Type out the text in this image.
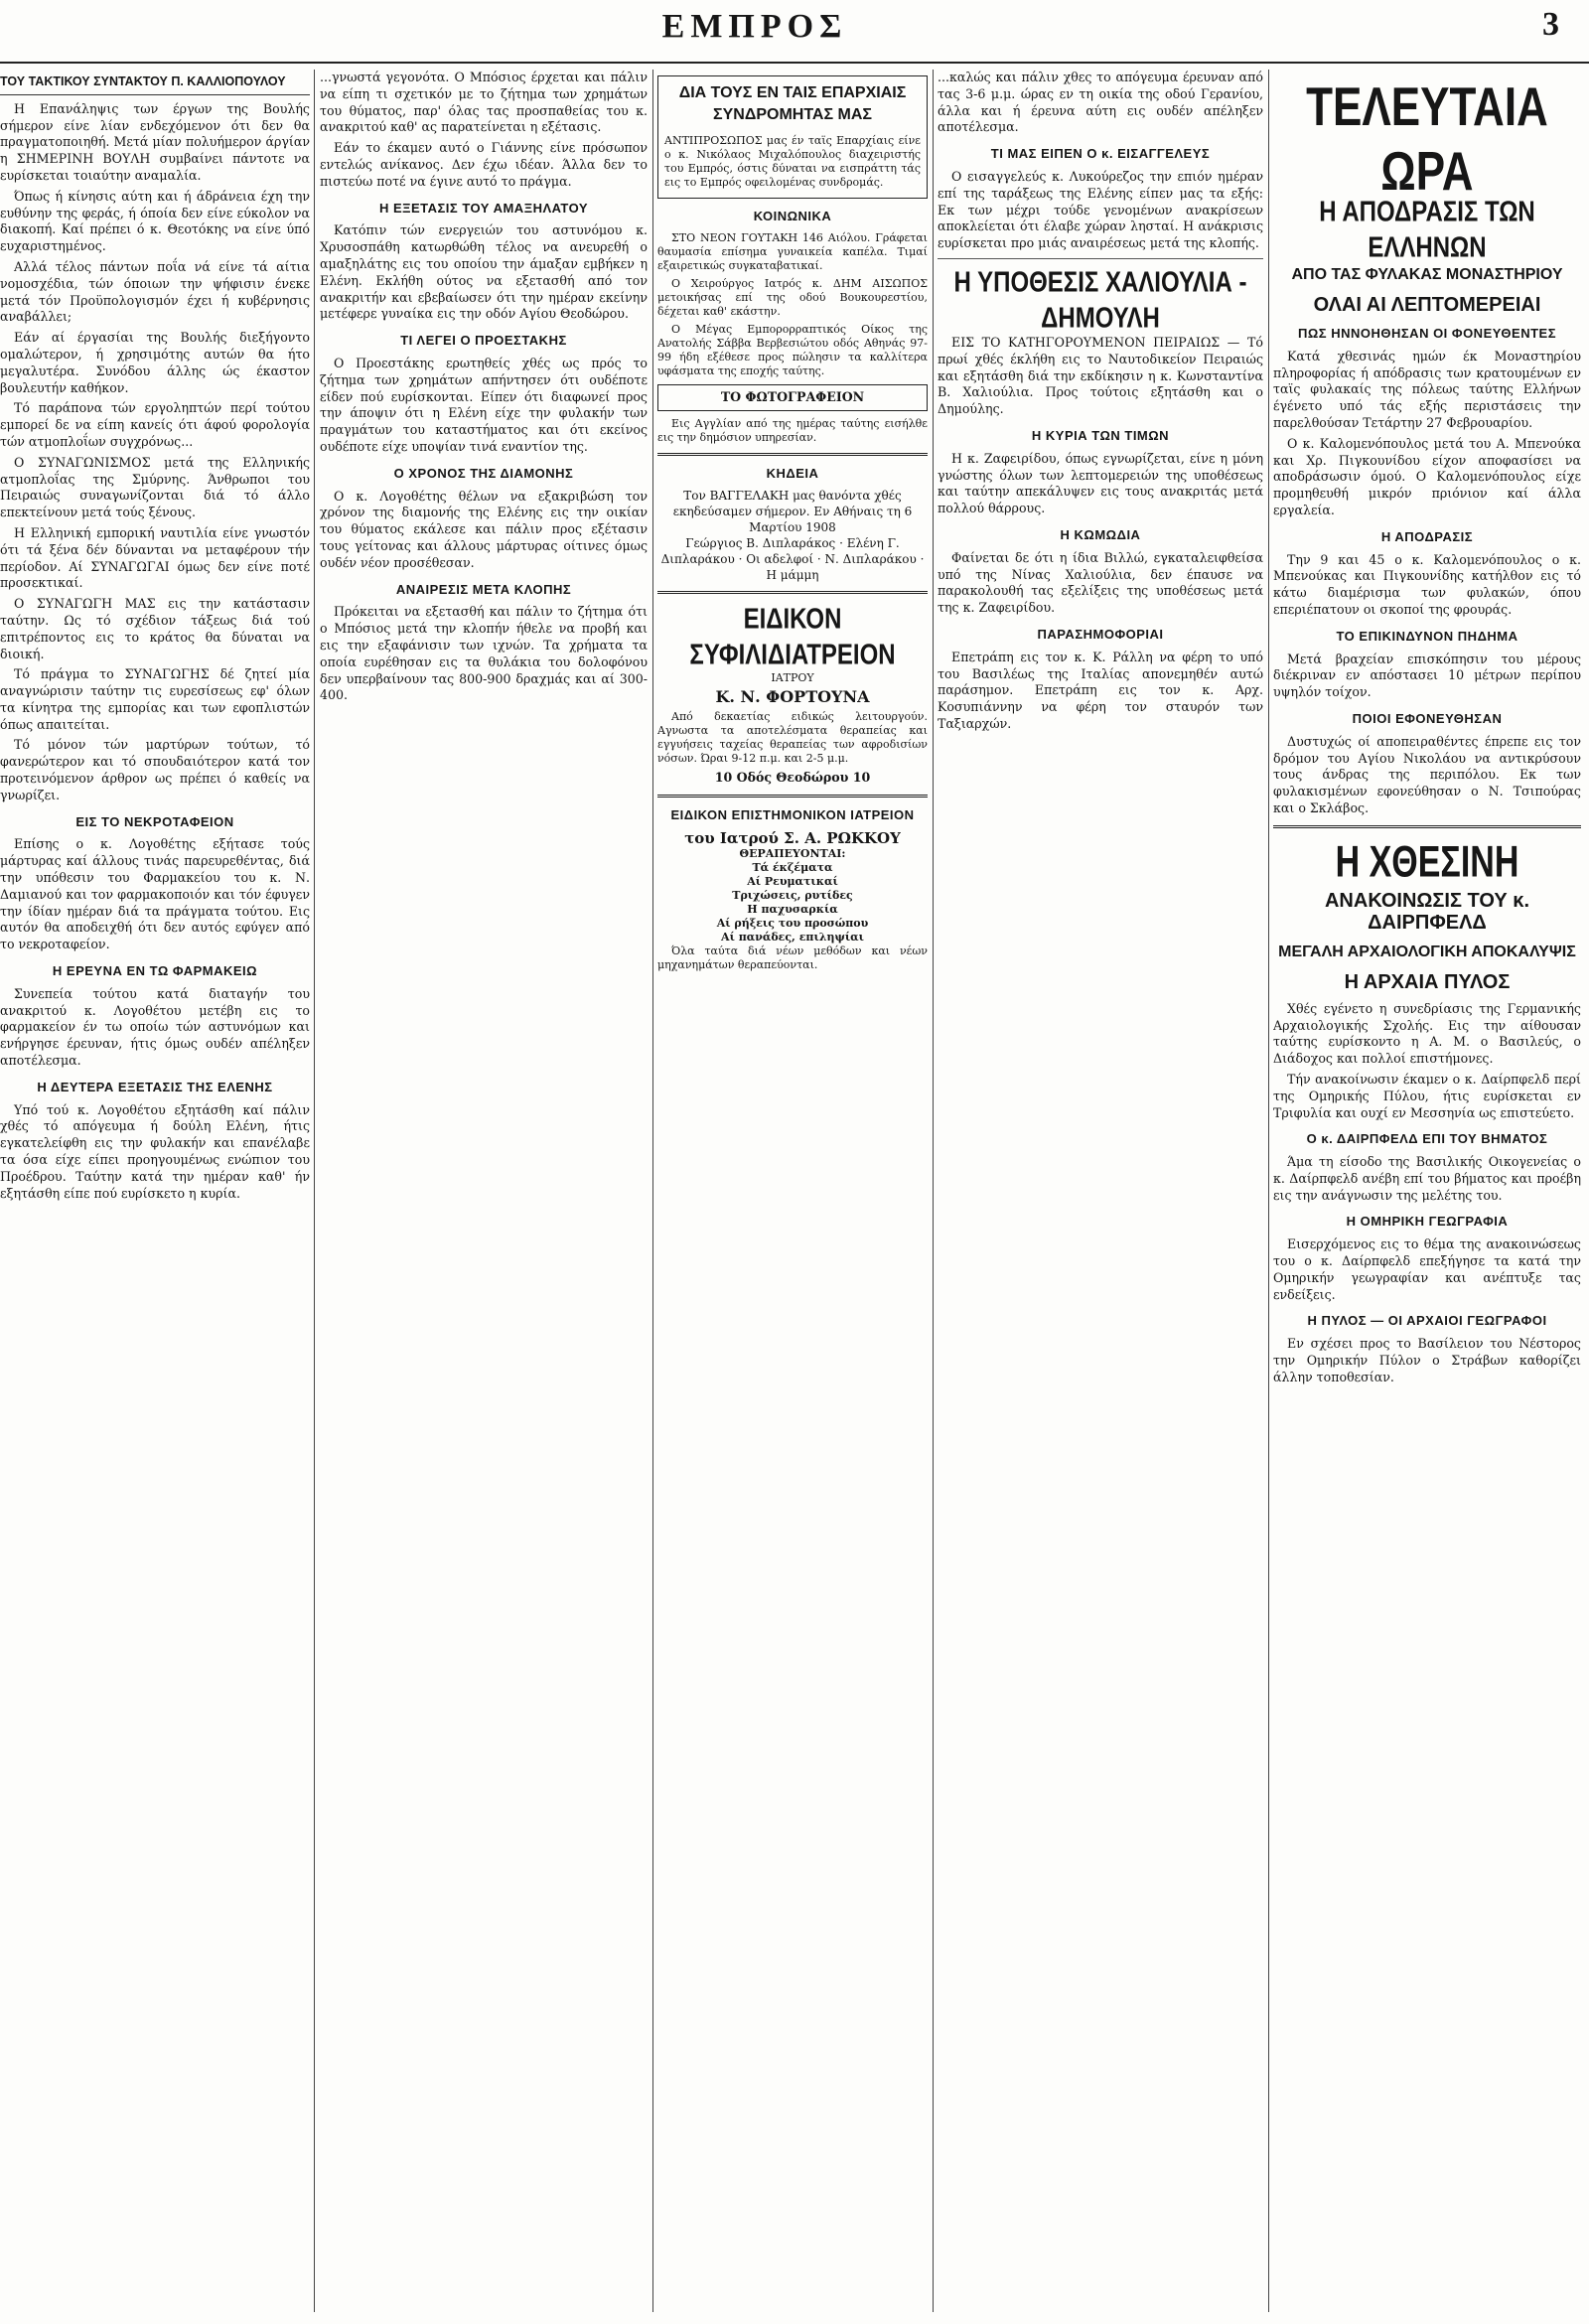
ΕΜΠΡΟΣ	3
ΤΟΥ ΤΑΚΤΙΚΟΥ ΣΥΝΤΑΚΤΟΥ Π. ΚΑΛΛΙΟΠΟΥΛΟΥ

Η Επανάληψις των έργων της Βουλής σήμερον είνε λίαν ενδεχόμενον ότι δεν θα πραγματοποιηθή. Μετά μίαν πολυήμερον άργίαν η ΣΗΜΕΡΙΝΗ ΒΟΥΛΗ συμβαίνει πάντοτε να ευρίσκεται τοιαύτην αναμαλία.

Όπως ή κίνησις αύτη και ή άδράνεια έχη την ευθύνην της φεράς, ή όποία δεν είνε εύκολον να διακοπή. Καί πρέπει ό κ. Θεοτόκης να είνε ύπό ευχαριστημένος.

Αλλά τέλος πάντων ποΐα νά είνε τά αίτια νομοσχέδια, τών όποιων την ψήφισιν ένεκε μετά τόν Προϋπολογισμόν έχει ή κυβέρνησις αναβάλλει;

Εάν αί έργασίαι της Βουλής διεξήγοντο ομαλώτερον, ή χρησιμότης αυτών θα ήτο μεγαλυτέρα. Συνόδου άλλης ώς έκαστον βουλευτήν καθήκον.

Τό παράπονα τών εργοληπτών περί τούτου εμπορεί δε να είπη κανείς ότι άφού φορολογία τών ατμοπλοΐων συγχρόνως...

Ο ΣΥΝΑΓΩΝΙΣΜΟΣ μετά της Ελληνικής ατμοπλοΐας της Σμύρνης. Άνθρωποι του Πειραιώς συναγωνίζονται διά τό άλλο επεκτείνουν μετά τούς ξένους.

Η Ελληνική εμπορική ναυτιλία είνε γνωστόν ότι τά ξένα δέν δύνανται να μεταφέρουν τήν περίοδον. Αί ΣΥΝΑΓΩΓΑΙ όμως δεν είνε ποτέ προσεκτικαί.

Ο ΣΥΝΑΓΩΓΗ ΜΑΣ εις την κατάστασιν ταύτην. Ως τό σχέδιον τάξεως διά τού επιτρέποντος εις το κράτος θα δύναται να διοική.

Τό πράγμα το ΣΥΝΑΓΩΓΗΣ δέ ζητεί μία αναγνώρισιν ταύτην τις ευρεσίσεως εφ' όλων τα κίνητρα της εμπορίας και των εφοπλιστών όπως απαιτείται.

Τό μόνον τών μαρτύρων τούτων, τό φανερώτερον και τό σπουδαιότερον κατά τον προτεινόμενον άρθρον ως πρέπει ό καθείς να γνωρίζει.

ΕΙΣ ΤΟ ΝΕΚΡΟΤΑΦΕΙΟΝ

Επίσης ο κ. Λογοθέτης εξήτασε τούς μάρτυρας καί άλλους τινάς παρευρεθέντας, διά την υπόθεσιν του Φαρμακείου του κ. Ν. Δαμιανού και τον φαρμακοποιόν και τόν έφυγεν την ίδίαν ημέραν διά τα πράγματα τούτου. Εις αυτόν θα αποδειχθή ότι δεν αυτός εφύγεν από το νεκροταφείον.

Η ΕΡΕΥΝΑ ΕΝ ΤΩ ΦΑΡΜΑΚΕΙΩ

Συνεπεία τούτου κατά διαταγήν του ανακριτού κ. Λογοθέτου μετέβη εις το φαρμακείον έν τω οποίω τών αστυνόμων και ενήργησε έρευναν, ήτις όμως ουδέν απέληξεν αποτέλεσμα.

Η ΔΕΥΤΕΡΑ ΕΞΕΤΑΣΙΣ ΤΗΣ ΕΛΕΝΗΣ

Υπό τού κ. Λογοθέτου εξητάσθη καί πάλιν χθές τό απόγευμα ή δούλη Ελένη, ήτις εγκατελείφθη εις την φυλακήν και επανέλαβε τα όσα είχε είπει προηγουμένως ενώπιον του Προέδρου. Ταύτην κατά την ημέραν καθ' ήν εξητάσθη είπε πού ευρίσκετο η κυρία.

...γνωστά γεγονότα. Ο Μπόσιος έρχεται και πάλιν να είπη τι σχετικόν με το ζήτημα των χρημάτων του θύματος, παρ' όλας τας προσπαθείας του κ. ανακριτού καθ' ας παρατείνεται η εξέτασις.

Εάν το έκαμεν αυτό ο Γιάννης είνε πρόσωπον εντελώς ανίκανος. Δεν έχω ιδέαν. Άλλα δεν το πιστεύω ποτέ να έγινε αυτό το πράγμα.

Η ΕΞΕΤΑΣΙΣ ΤΟΥ ΑΜΑΞΗΛΑΤΟΥ

Κατόπιν τών ενεργειών του αστυνόμου κ. Χρυσοσπάθη κατωρθώθη τέλος να ανευρεθή ο αμαξηλάτης εις του οποίου την άμαξαν εμβήκεν η Ελένη. Εκλήθη ούτος να εξετασθή από τον ανακριτήν και εβεβαίωσεν ότι την ημέραν εκείνην μετέφερε γυναίκα εις την οδόν Αγίου Θεοδώρου.

ΤΙ ΛΕΓΕΙ Ο ΠΡΟΕΣΤΑΚΗΣ

Ο Προεστάκης ερωτηθείς χθές ως πρός το ζήτημα των χρημάτων απήντησεν ότι ουδέποτε είδεν πού ευρίσκονται. Είπεν ότι διαφωνεί προς την άποψιν ότι η Ελένη είχε την φυλακήν των πραγμάτων του καταστήματος και ότι εκείνος ουδέποτε είχε υποψίαν τινά εναντίον της.

Ο ΧΡΟΝΟΣ ΤΗΣ ΔΙΑΜΟΝΗΣ

Ο κ. Λογοθέτης θέλων να εξακριβώση τον χρόνον της διαμονής της Ελένης εις την οικίαν του θύματος εκάλεσε και πάλιν προς εξέτασιν τους γείτονας και άλλους μάρτυρας οίτινες όμως ουδέν νέον προσέθεσαν.

ΑΝΑΙΡΕΣΙΣ ΜΕΤΑ ΚΛΟΠΗΣ

Πρόκειται να εξετασθή και πάλιν το ζήτημα ότι ο Μπόσιος μετά την κλοπήν ήθελε να προβή και εις την εξαφάνισιν των ιχνών. Τα χρήματα τα οποία ευρέθησαν εις τα θυλάκια του δολοφόνου δεν υπερβαίνουν τας 800-900 δραχμάς και αί 300-400.

ΔΙΑ ΤΟΥΣ ΕΝ ΤΑΙΣ ΕΠΑΡΧΙΑΙΣ ΣΥΝΔΡΟΜΗΤΑΣ ΜΑΣ

ΑΝΤΙΠΡΟΣΩΠΟΣ μας έν ταϊς Επαρχίαις είνε ο κ. Νικόλαος Μιχαλόπουλος διαχειριστής του Εμπρός, όστις δύναται να εισπράττη τάς εις το Εμπρός οφειλομένας συνδρομάς.

ΚΟΙΝΩΝΙΚΑ

ΣΤΟ ΝΕΟΝ ΓΟΥΤΑΚΗ 146 Αιόλου. Γράφεται θαυμασία επίσημα γυναικεία καπέλα. Τιμαί εξαιρετικώς συγκαταβατικαί.

Ο Χειρούργος Ιατρός κ. ΔΗΜ ΑΙΣΩΠΟΣ μετοικήσας επί της οδού Βουκουρεστίου, δέχεται καθ' εκάστην.

Ο Μέγας Εμπορορραπτικός Οίκος της Ανατολής Σάββα Βερβεσιώτου οδός Αθηνάς 97-99 ήδη εξέθεσε προς πώλησιν τα καλλίτερα υφάσματα της εποχής ταύτης.

ΤΟ ΦΩΤΟΓΡΑΦΕΙΟΝ

Εις Αγγλίαν από της ημέρας ταύτης εισήλθε εις την δημόσιον υπηρεσίαν.

ΚΗΔΕΙΑ
Τον ΒΑΓΓΕΛΑΚΗ μας θανόντα χθές εκηδεύσαμεν σήμερον. Εν Αθήναις τη 6 Μαρτίου 1908
Γεώργιος Β. Διπλαράκος · Ελένη Γ. Διπλαράκου · Οι αδελφοί · Ν. Διπλαράκου · Η μάμμη
ΕΙΔΙΚΟΝ ΣΥΦΙΛΙΔΙΑΤΡΕΙΟΝ
ΙΑΤΡΟΥ
Κ. Ν. ΦΟΡΤΟΥΝΑ

Από δεκαετίας ειδικώς λειτουργούν. Αγνωστα τα αποτελέσματα θεραπείας και εγγυήσεις ταχείας θεραπείας των αφροδισίων νόσων. Ώραι 9-12 π.μ. και 2-5 μ.μ.

10 Οδός Θεοδώρου 10
ΕΙΔΙΚΟΝ ΕΠΙΣΤΗΜΟΝΙΚΟΝ ΙΑΤΡΕΙΟΝ
του Ιατρού Σ. Α. ΡΩΚΚΟΥ
ΘΕΡΑΠΕΥΟΝΤΑΙ:
Τά έκζέματα
Αί Ρευματικαί
Τριχώσεις, ρυτίδες
Η παχυσαρκία
Αί ρήξεις του προσώπου
Αί πανάδες, επιληψίαι

Όλα ταύτα διά νέων μεθόδων και νέων μηχανημάτων θεραπεύονται.

...καλώς και πάλιν χθες το απόγευμα έρευναν από τας 3-6 μ.μ. ώρας εν τη οικία της οδού Γερανίου, άλλα και ή έρευνα αύτη εις ουδέν απέληξεν αποτέλεσμα.

ΤΙ ΜΑΣ ΕΙΠΕΝ Ο κ. ΕΙΣΑΓΓΕΛΕΥΣ

Ο εισαγγελεύς κ. Λυκούρεζος την επιόν ημέραν επί της ταράξεως της Ελένης είπεν μας τα εξής: Εκ των μέχρι τούδε γενομένων ανακρίσεων αποκλείεται ότι έλαβε χώραν λησταί. Η ανάκρισις ευρίσκεται προ μιάς αναιρέσεως μετά της κλοπής.

Η ΥΠΟΘΕΣΙΣ ΧΑΛΙΟΥΛΙΑ - ΔΗΜΟΥΛΗ

ΕΙΣ ΤΟ ΚΑΤΗΓΟΡΟΥΜΕΝΟΝ ΠΕΙΡΑΙΩΣ — Τό πρωί χθές έκλήθη εις το Ναυτοδικείον Πειραιώς και εξητάσθη διά την εκδίκησιν η κ. Κωνσταντίνα Β. Χαλιούλια. Προς τούτοις εξητάσθη και ο Δημούλης.

Η ΚΥΡΙΑ ΤΩΝ ΤΙΜΩΝ

Η κ. Ζαφειρίδου, όπως εγνωρίζεται, είνε η μόνη γνώστης όλων των λεπτομερειών της υποθέσεως και ταύτην απεκάλυψεν εις τους ανακριτάς μετά πολλού θάρρους.

Η ΚΩΜΩΔΙΑ

Φαίνεται δε ότι η ίδια Βιλλώ, εγκαταλειφθείσα υπό της Νίνας Χαλιούλια, δεν έπαυσε να παρακολουθή τας εξελίξεις της υποθέσεως μετά της κ. Ζαφειρίδου.

ΠΑΡΑΣΗΜΟΦΟΡΙΑΙ

Επετράπη εις τον κ. Κ. Ράλλη να φέρη το υπό του Βασιλέως της Ιταλίας απονεμηθέν αυτώ παράσημον. Επετράπη εις τον κ. Αρχ. Κοσυπιάννην να φέρη τον σταυρόν των Ταξιαρχών.

ΤΕΛΕΥΤΑΙΑ ΩΡΑ
Η ΑΠΟΔΡΑΣΙΣ ΤΩΝ ΕΛΛΗΝΩΝ
ΑΠΟ ΤΑΣ ΦΥΛΑΚΑΣ ΜΟΝΑΣΤΗΡΙΟΥ
ΟΛΑΙ ΑΙ ΛΕΠΤΟΜΕΡΕΙΑΙ
ΠΩΣ ΗΝΝΟΗΘΗΣΑΝ ΟΙ ΦΟΝΕΥΘΕΝΤΕΣ

Κατά χθεσινάς ημών έκ Μοναστηρίου πληροφορίας ή απόδρασις των κρατουμένων εν ταϊς φυλακαίς της πόλεως ταύτης Ελλήνων έγένετο υπό τάς εξής περιστάσεις την παρελθούσαν Τετάρτην 27 Φεβρουαρίου.

Ο κ. Καλομενόπουλος μετά του Α. Μπενούκα και Χρ. Πιγκουνίδου είχον αποφασίσει να αποδράσωσιν όμού. Ο Καλομενόπουλος είχε προμηθευθή μικρόν πριόνιον καί άλλα εργαλεία.

Η ΑΠΟΔΡΑΣΙΣ

Την 9 και 45 ο κ. Καλομενόπουλος ο κ. Μπενούκας και Πιγκουνίδης κατήλθον εις τό κάτω διαμέρισμα των φυλακών, όπου επεριέπατουν οι σκοποί της φρουράς.

ΤΟ ΕΠΙΚΙΝΔΥΝΟΝ ΠΗΔΗΜΑ

Μετά βραχείαν επισκόπησιν του μέρους διέκριναν εν απόστασει 10 μέτρων περίπου υψηλόν τοίχον.

ΠΟΙΟΙ ΕΦΟΝΕΥΘΗΣΑΝ

Δυστυχώς οί αποπειραθέντες έπρεπε εις τον δρόμον του Αγίου Νικολάου να αντικρύσουν τους άνδρας της περιπόλου. Εκ των φυλακισμένων εφονεύθησαν ο Ν. Τσιπούρας και ο Σκλάβος.

Η ΧΘΕΣΙΝΗ
ΑΝΑΚΟΙΝΩΣΙΣ ΤΟΥ κ. ΔΑΙΡΠΦΕΛΔ
ΜΕΓΑΛΗ ΑΡΧΑΙΟΛΟΓΙΚΗ ΑΠΟΚΑΛΥΨΙΣ
Η ΑΡΧΑΙΑ ΠΥΛΟΣ

Χθές εγένετο η συνεδρίασις της Γερμανικής Αρχαιολογικής Σχολής. Εις την αίθουσαν ταύτης ευρίσκοντο η Α. Μ. ο Βασιλεύς, ο Διάδοχος και πολλοί επιστήμονες.

Τήν ανακοίνωσιν έκαμεν ο κ. Δαίρπφελδ περί της Ομηρικής Πύλου, ήτις ευρίσκεται εν Τριφυλία και ουχί εν Μεσσηνία ως επιστεύετο.

Ο κ. ΔΑΙΡΠΦΕΛΔ ΕΠΙ ΤΟΥ ΒΗΜΑΤΟΣ

Άμα τη είσοδο της Βασιλικής Οικογενείας ο κ. Δαίρπφελδ ανέβη επί του βήματος και προέβη εις την ανάγνωσιν της μελέτης του.

Η ΟΜΗΡΙΚΗ ΓΕΩΓΡΑΦΙΑ

Εισερχόμενος εις το θέμα της ανακοινώσεως του ο κ. Δαίρπφελδ επεξήγησε τα κατά την Ομηρικήν γεωγραφίαν και ανέπτυξε τας ενδείξεις.

Η ΠΥΛΟΣ — ΟΙ ΑΡΧΑΙΟΙ ΓΕΩΓΡΑΦΟΙ

Εν σχέσει προς το Βασίλειον του Νέστορος την Ομηρικήν Πύλον ο Στράβων καθορίζει άλλην τοποθεσίαν.
